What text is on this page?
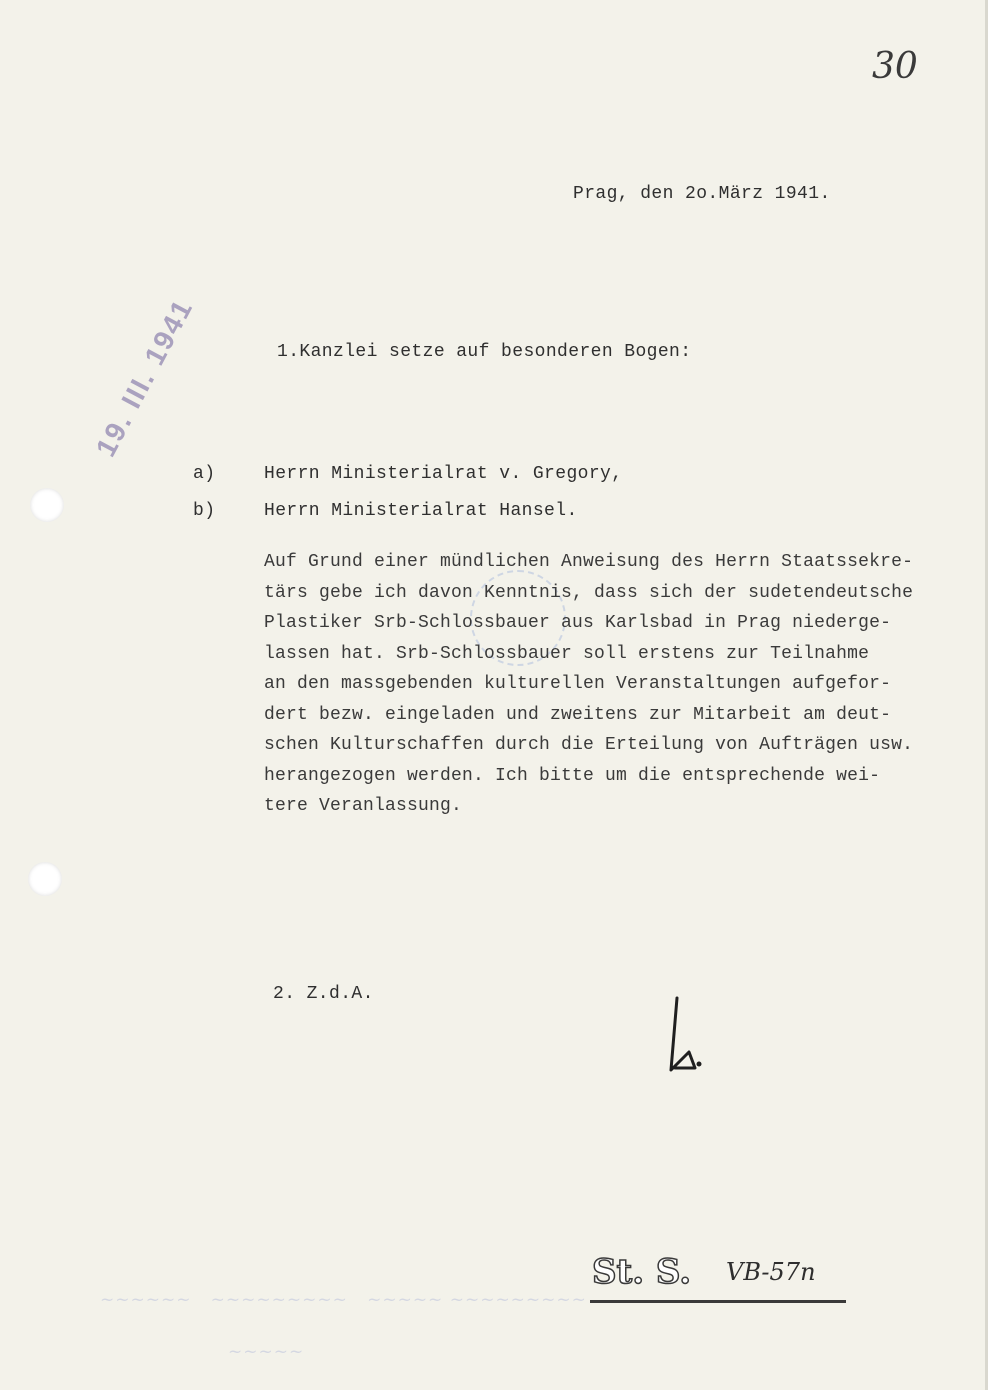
30

Prag, den 2o.März 1941.

1.Kanzlei setze auf besonderen Bogen:

19. III. 1941

a)	Herrn Ministerialrat v. Gregory,

b)	Herrn Ministerialrat Hansel.

Auf Grund einer mündlichen Anweisung des Herrn Staatssekre-
tärs gebe ich davon Kenntnis, dass sich der sudetendeutsche
Plastiker Srb-Schlossbauer aus Karlsbad in Prag niederge-
lassen hat. Srb-Schlossbauer soll erstens zur Teilnahme
an den massgebenden kulturellen Veranstaltungen aufgefor-
dert bezw. eingeladen und zweitens zur Mitarbeit am deut-
schen Kulturschaffen durch die Erteilung von Aufträgen usw.
herangezogen werden. Ich bitte um die entsprechende wei-
tere Veranlassung.

2. Z.d.A.

St. S. VB-57n

~~~~~~   ~~~~~~~~~   ~~~~~ ~~~~~~~~~

~~~~~
